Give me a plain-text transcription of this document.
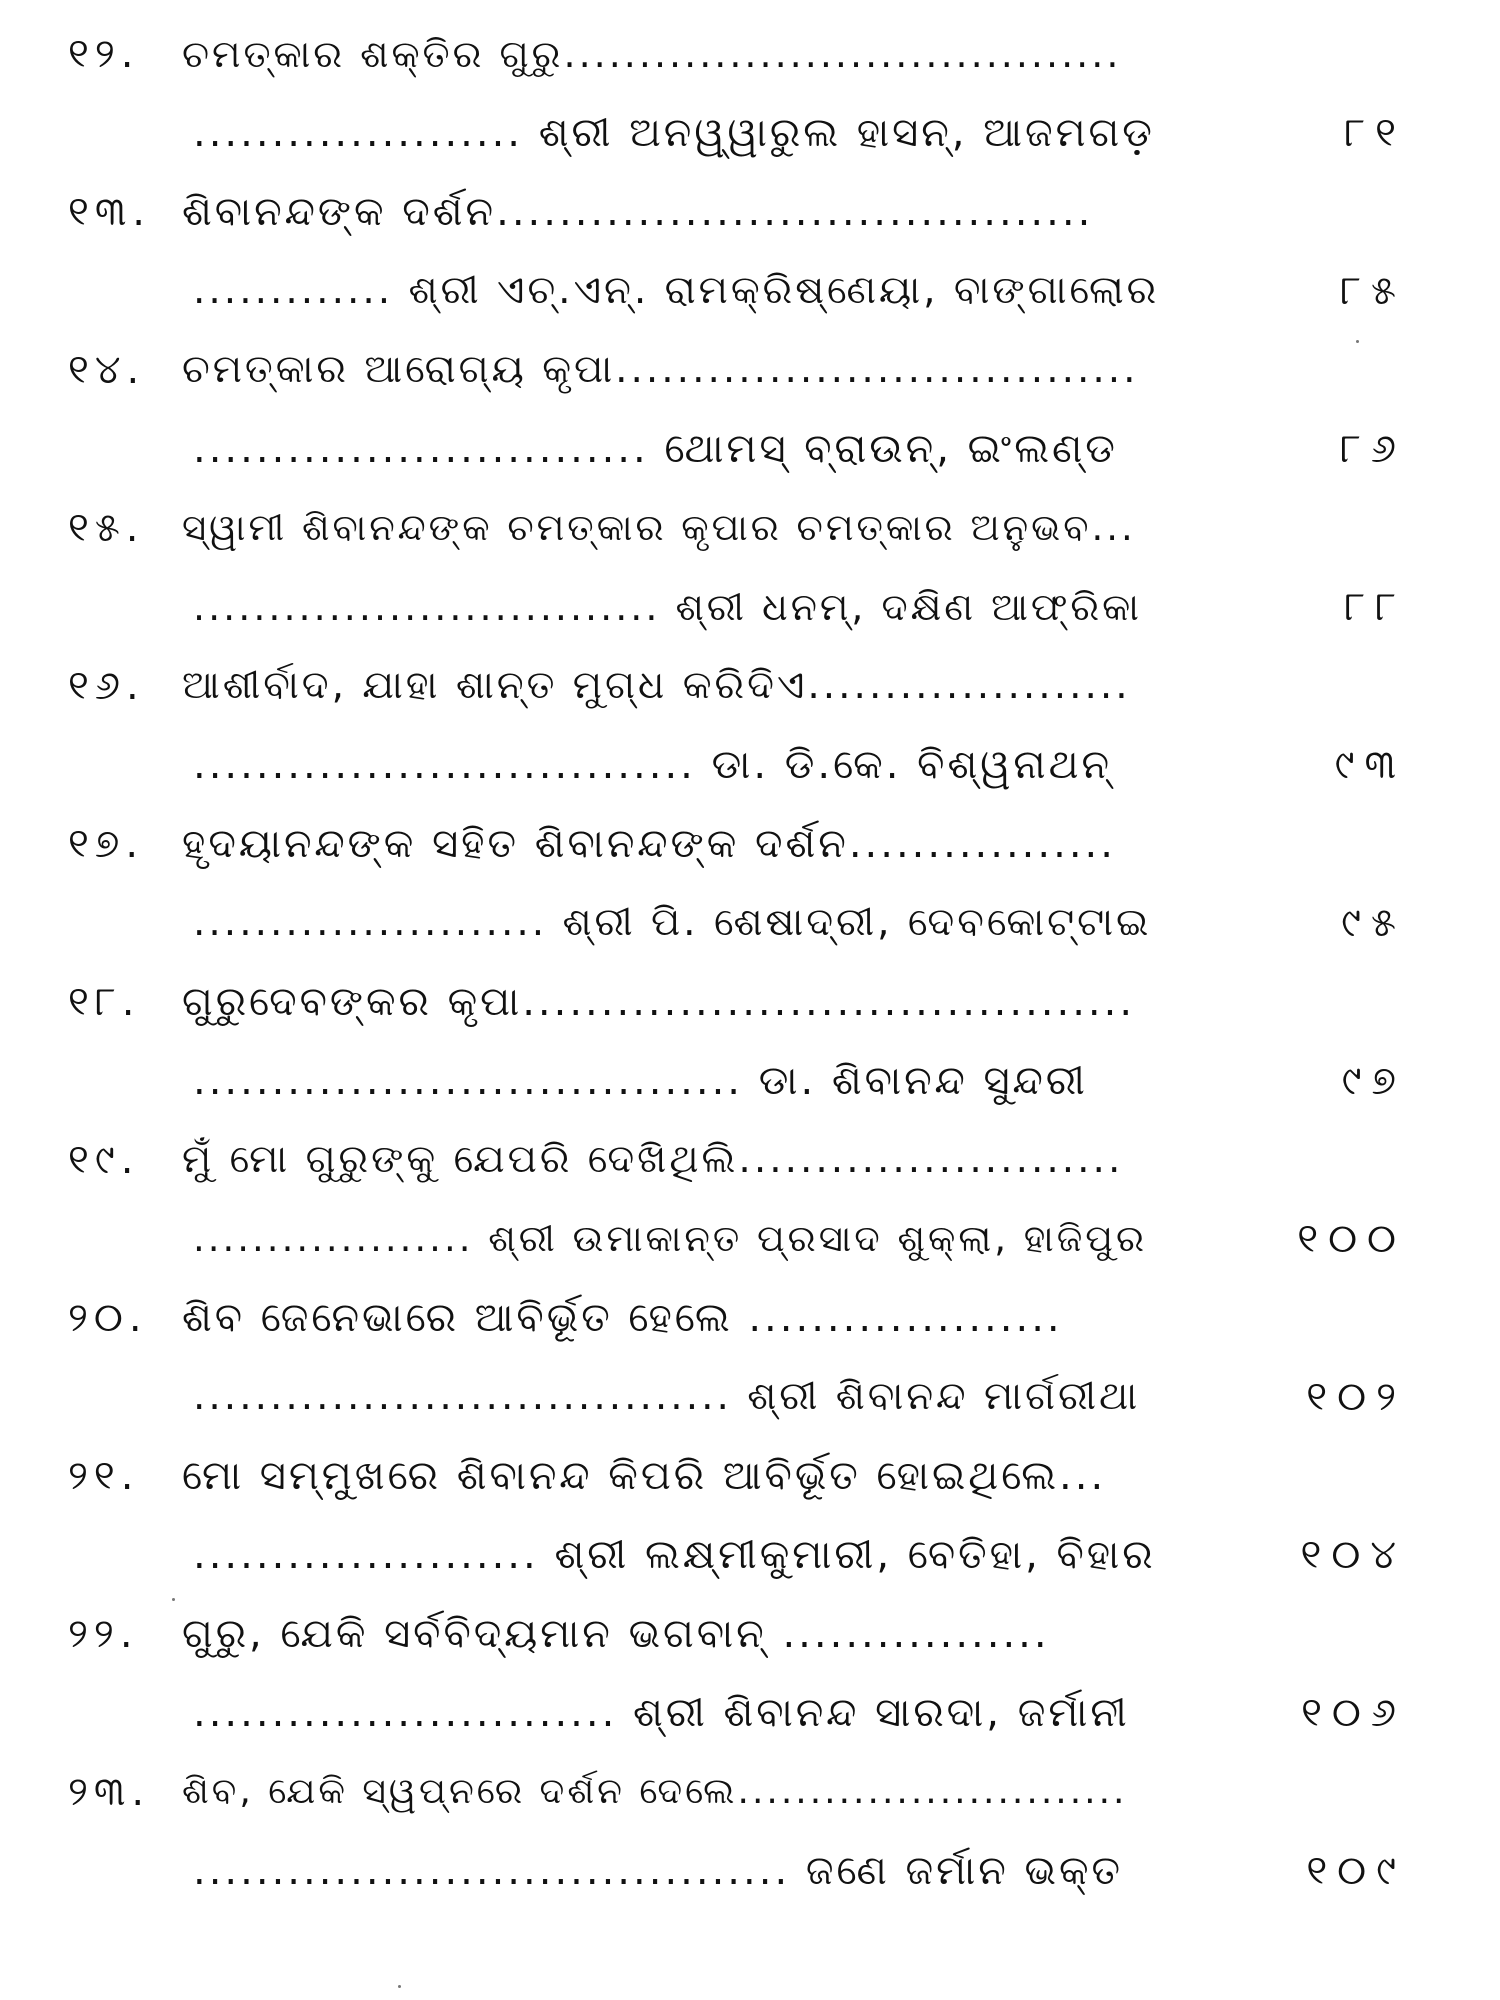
୧୨.	ଚମତ୍କାର ଶକ୍ତିର ଗୁରୁ.....................................
..................... ଶ୍ରୀ ଅନୱ୍ୱାରୁଲ ହାସନ୍, ଆଜମଗଡ଼	୮୧
୧୩. ଶିବାନନ୍ଦଙ୍କ ଦର୍ଶନ......................................
............. ଶ୍ରୀ ଏଚ୍.ଏନ୍. ରାମକ୍ରିଷ୍ଣେୟା, ବାଙ୍ଗାଲୋର	୮୫
୧୪. ଚମତ୍କାର ଆରୋଗ୍ୟ କୃପା..................................
............................. ଥୋମସ୍ ବ୍ରାଉନ୍, ଇଂଲଣ୍ଡ	୮୬
୧୫.	ସ୍ୱାମୀ ଶିବାନନ୍ଦଙ୍କ ଚମତ୍କାର କୃପାର ଚମତ୍କାର ଅନୁଭବ...
............................... ଶ୍ରୀ ଧନମ୍, ଦକ୍ଷିଣ ଆଫ୍ରିକା	୮୮
୧୬. ଆଶୀର୍ବାଦ, ଯାହା ଶାନ୍ତ ମୁଗ୍ଧ କରିଦିଏ.....................
................................ ଡା. ଡି.କେ. ବିଶ୍ୱନାଥନ୍	୯୩
୧୭. ହୃଦୟାନନ୍ଦଙ୍କ ସହିତ ଶିବାନନ୍ଦଙ୍କ ଦର୍ଶନ.................
....................... ଶ୍ରୀ ପି. ଶେଷାଦ୍ରୀ, ଦେବକୋଟ୍ଟାଇ	୯୫
୧୮.	ଗୁରୁଦେବଙ୍କର କୃପା.......................................
................................... ଡା. ଶିବାନନ୍ଦ ସୁନ୍ଦରୀ	୯୭
୧୯.	ମୁଁ ମୋ ଗୁରୁଙ୍କୁ ଯେପରି ଦେଖିଥିଲି.........................
................... ଶ୍ରୀ ଉମାକାନ୍ତ ପ୍ରସାଦ ଶୁକ୍ଲା, ହାଜିପୁର	୧୦୦
୨୦. ଶିବ ଜେନେଭାରେ ଆବିର୍ଭୂତ ହେଲେ ....................
................................... ଶ୍ରୀ ଶିବାନନ୍ଦ ମାର୍ଗରୀଥା	୧୦୨
୨୧.	ମୋ ସମ୍ମୁଖରେ ଶିବାନନ୍ଦ କିପରି ଆବିର୍ଭୂତ ହୋଇଥିଲେ...
...................... ଶ୍ରୀ ଲକ୍ଷ୍ମୀକୁମାରୀ, ବେତିହା, ବିହାର	୧୦୪
୨୨.	ଗୁରୁ, ଯେକି ସର୍ବବିଦ୍ୟମାନ ଭଗବାନ୍ .................
........................... ଶ୍ରୀ ଶିବାନନ୍ଦ ସାରଦା, ଜର୍ମାନୀ	୧୦୬
୨୩. ଶିବ, ଯେକି ସ୍ୱପ୍ନରେ ଦର୍ଶନ ଦେଲେ...........................
...................................... ଜଣେ ଜର୍ମାନ ଭକ୍ତ	୧୦୯
